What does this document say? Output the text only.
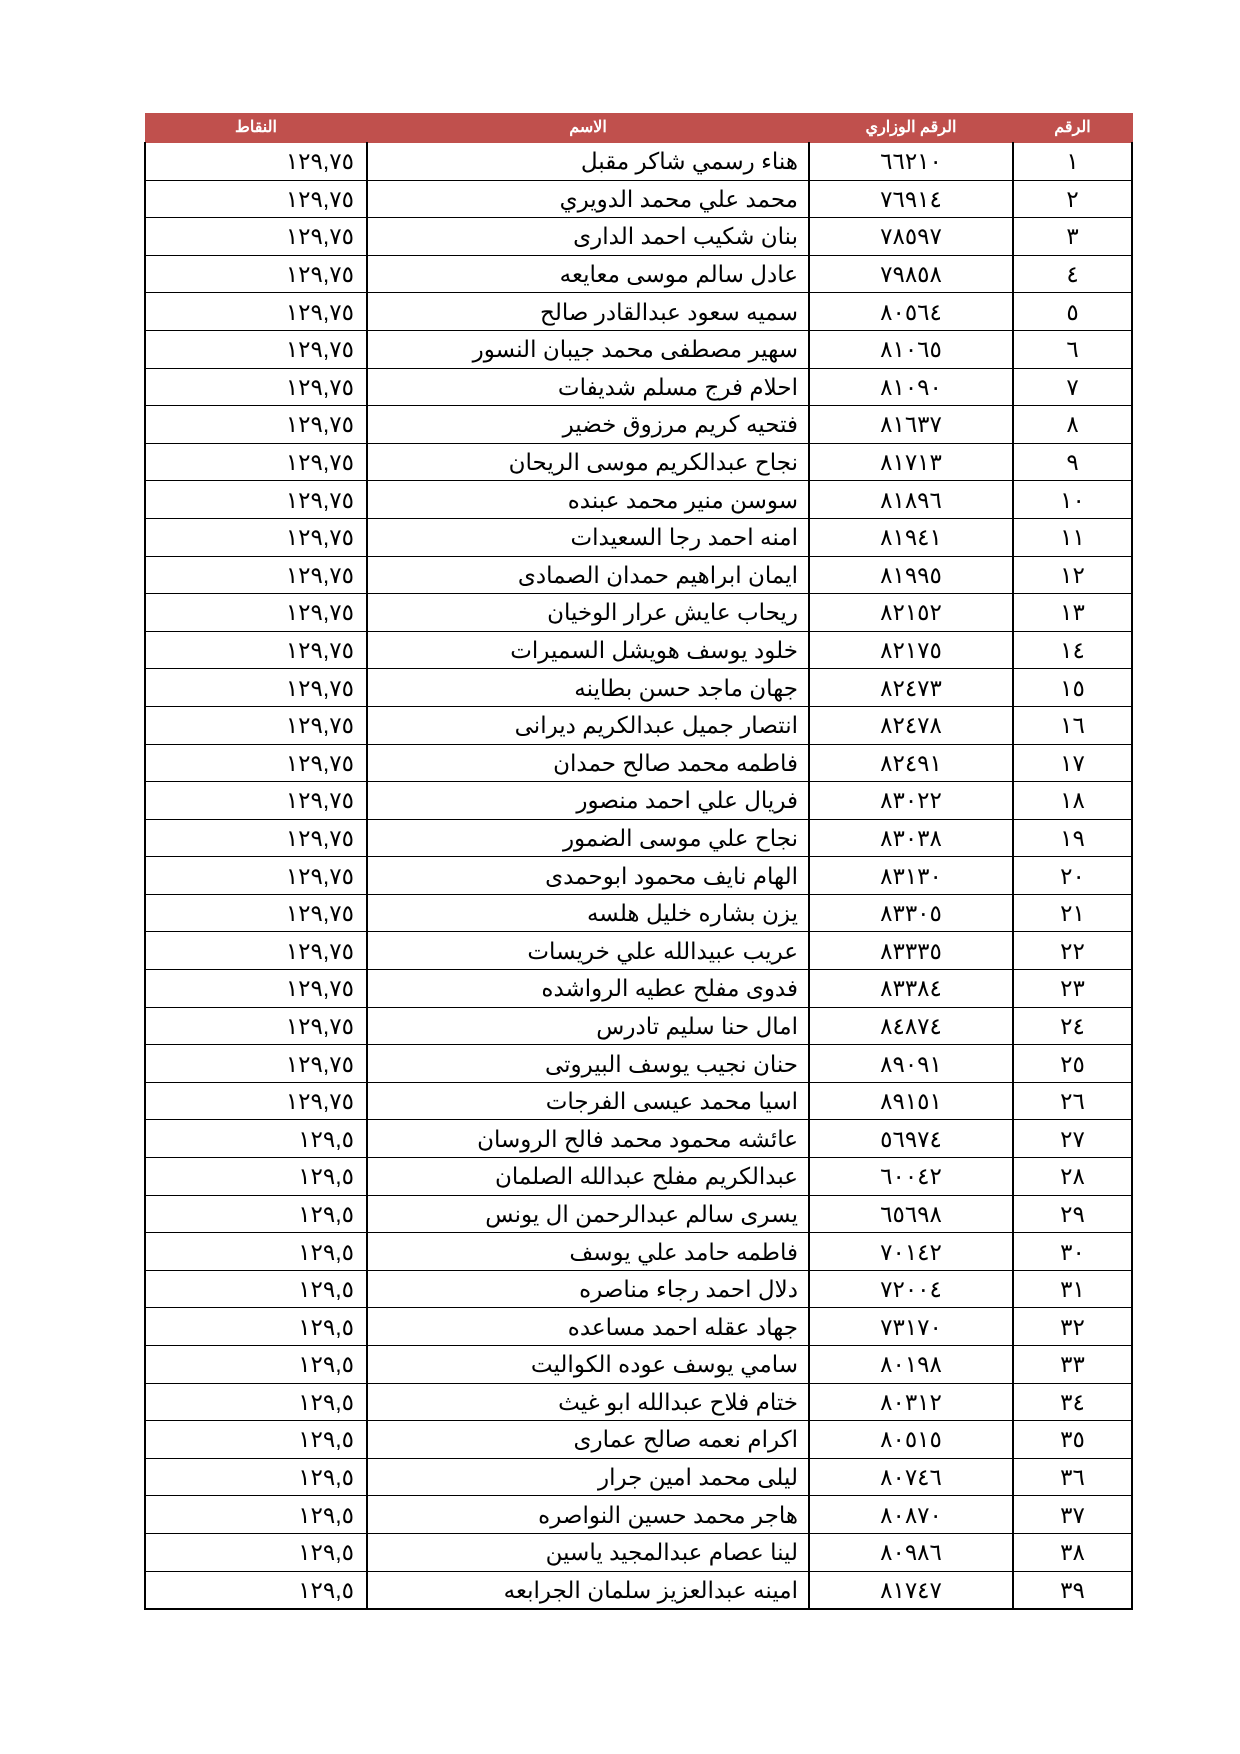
الرقم	الرقم الوزاري	الاسم	النقاط
١	٦٦٢١٠	هناء رسمي شاكر مقبل	١٢٩,٧٥
٢	٧٦٩١٤	محمد علي محمد الدويري	١٢٩,٧٥
٣	٧٨٥٩٧	بنان شكيب احمد الدارى	١٢٩,٧٥
٤	٧٩٨٥٨	عادل سالم موسى معايعه	١٢٩,٧٥
٥	٨٠٥٦٤	سميه سعود عبدالقادر صالح	١٢٩,٧٥
٦	٨١٠٦٥	سهير مصطفى محمد جيبان النسور	١٢٩,٧٥
٧	٨١٠٩٠	احلام فرج مسلم شديفات	١٢٩,٧٥
٨	٨١٦٣٧	فتحيه كريم مرزوق خضير	١٢٩,٧٥
٩	٨١٧١٣	نجاح عبدالكريم موسى الريحان	١٢٩,٧٥
١٠	٨١٨٩٦	سوسن منير محمد عبنده	١٢٩,٧٥
١١	٨١٩٤١	امنه احمد رجا السعيدات	١٢٩,٧٥
١٢	٨١٩٩٥	ايمان ابراهيم حمدان الصمادى	١٢٩,٧٥
١٣	٨٢١٥٢	ريحاب عايش عرار الوخيان	١٢٩,٧٥
١٤	٨٢١٧٥	خلود يوسف هويشل السميرات	١٢٩,٧٥
١٥	٨٢٤٧٣	جهان ماجد حسن بطاينه	١٢٩,٧٥
١٦	٨٢٤٧٨	انتصار جميل عبدالكريم ديرانى	١٢٩,٧٥
١٧	٨٢٤٩١	فاطمه محمد صالح حمدان	١٢٩,٧٥
١٨	٨٣٠٢٢	فريال علي احمد منصور	١٢٩,٧٥
١٩	٨٣٠٣٨	نجاح علي موسى الضمور	١٢٩,٧٥
٢٠	٨٣١٣٠	الهام نايف محمود ابوحمدى	١٢٩,٧٥
٢١	٨٣٣٠٥	يزن بشاره خليل هلسه	١٢٩,٧٥
٢٢	٨٣٣٣٥	عريب عبيدالله علي خريسات	١٢٩,٧٥
٢٣	٨٣٣٨٤	فدوى مفلح عطيه الرواشده	١٢٩,٧٥
٢٤	٨٤٨٧٤	امال حنا سليم تادرس	١٢٩,٧٥
٢٥	٨٩٠٩١	حنان نجيب يوسف البيروتى	١٢٩,٧٥
٢٦	٨٩١٥١	اسيا محمد عيسى الفرجات	١٢٩,٧٥
٢٧	٥٦٩٧٤	عائشه محمود محمد فالح الروسان	١٢٩,٥
٢٨	٦٠٠٤٢	عبدالكريم مفلح عبدالله الصلمان	١٢٩,٥
٢٩	٦٥٦٩٨	يسرى سالم عبدالرحمن ال يونس	١٢٩,٥
٣٠	٧٠١٤٢	فاطمه حامد علي يوسف	١٢٩,٥
٣١	٧٢٠٠٤	دلال احمد رجاء مناصره	١٢٩,٥
٣٢	٧٣١٧٠	جهاد عقله احمد مساعده	١٢٩,٥
٣٣	٨٠١٩٨	سامي يوسف عوده الكواليت	١٢٩,٥
٣٤	٨٠٣١٢	ختام فلاح عبدالله ابو غيث	١٢٩,٥
٣٥	٨٠٥١٥	اكرام نعمه صالح عمارى	١٢٩,٥
٣٦	٨٠٧٤٦	ليلى محمد امين جرار	١٢٩,٥
٣٧	٨٠٨٧٠	هاجر محمد حسين النواصره	١٢٩,٥
٣٨	٨٠٩٨٦	لينا عصام عبدالمجيد ياسين	١٢٩,٥
٣٩	٨١٧٤٧	امينه عبدالعزيز سلمان الجرابعه	١٢٩,٥
